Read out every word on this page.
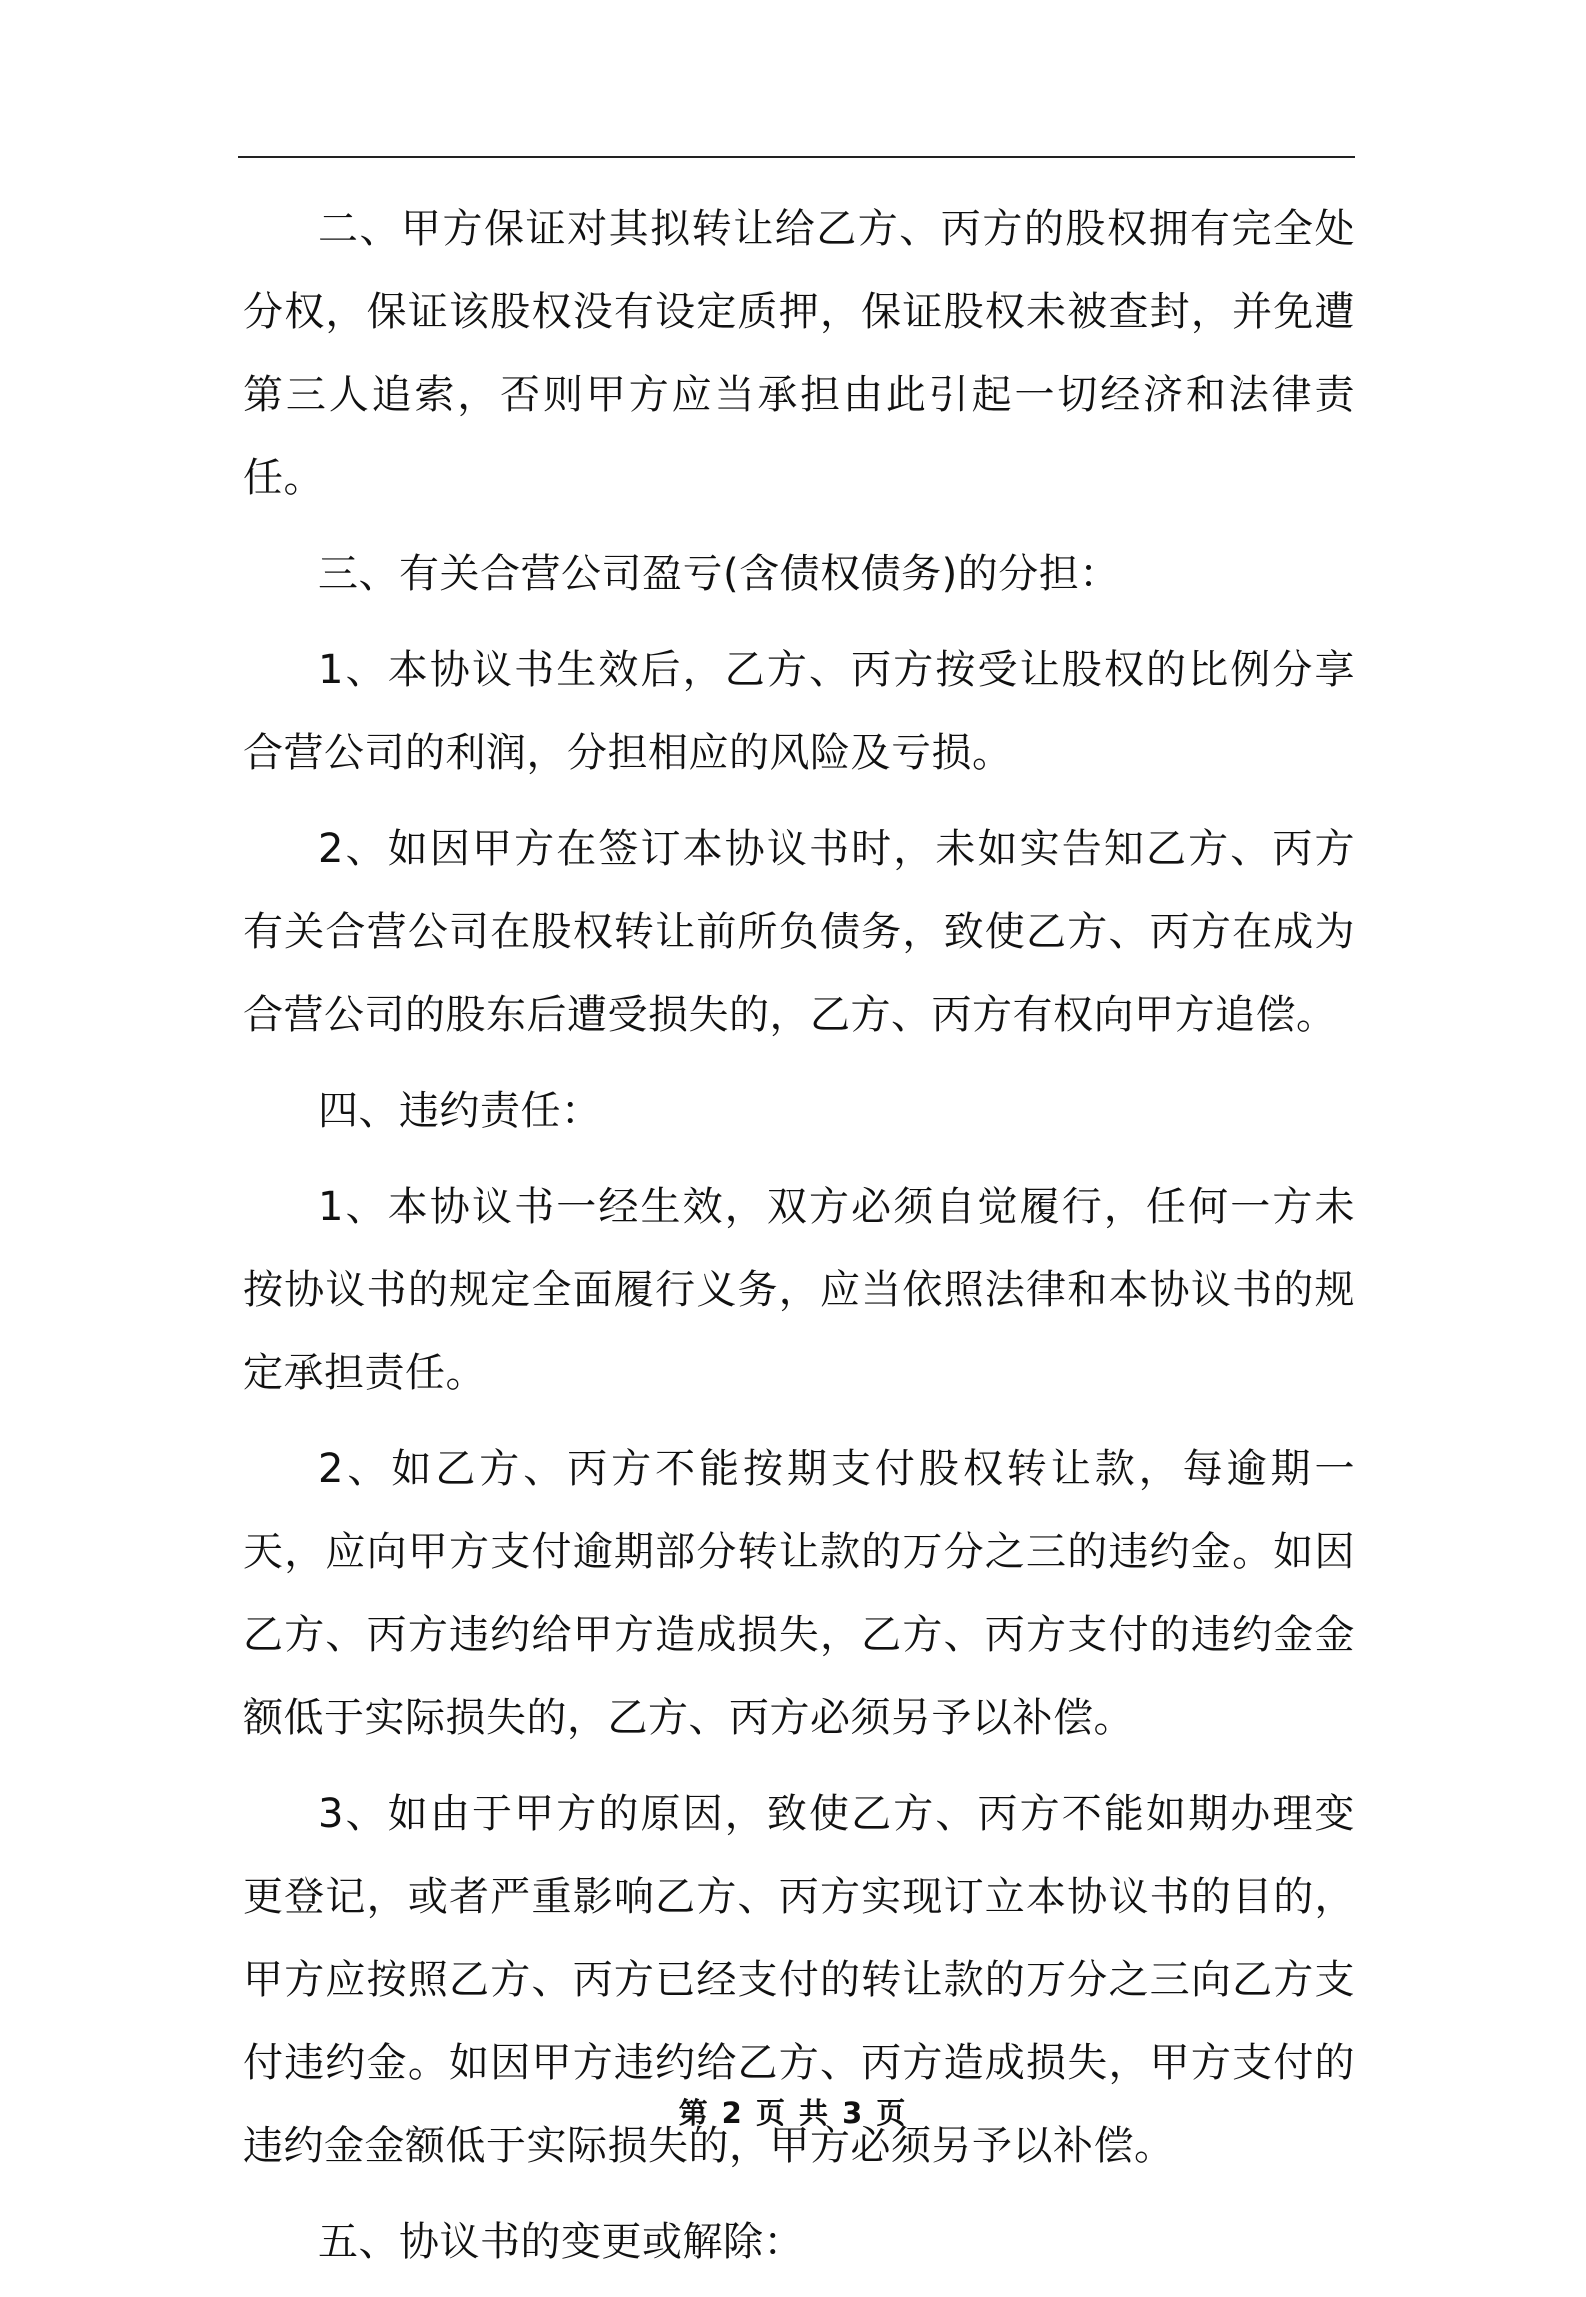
二、甲方保证对其拟转让给乙方、丙方的股权拥有完全处分权，保证该股权没有设定质押，保证股权未被查封，并免遭第三人追索，否则甲方应当承担由此引起一切经济和法律责任。

三、有关合营公司盈亏(含债权债务)的分担：

1、本协议书生效后，乙方、丙方按受让股权的比例分享合营公司的利润，分担相应的风险及亏损。

2、如因甲方在签订本协议书时，未如实告知乙方、丙方有关合营公司在股权转让前所负债务，致使乙方、丙方在成为合营公司的股东后遭受损失的，乙方、丙方有权向甲方追偿。

四、违约责任：

1、本协议书一经生效，双方必须自觉履行，任何一方未按协议书的规定全面履行义务，应当依照法律和本协议书的规定承担责任。

2、如乙方、丙方不能按期支付股权转让款，每逾期一天，应向甲方支付逾期部分转让款的万分之三的违约金。如因乙方、丙方违约给甲方造成损失，乙方、丙方支付的违约金金额低于实际损失的，乙方、丙方必须另予以补偿。

3、如由于甲方的原因，致使乙方、丙方不能如期办理变更登记，或者严重影响乙方、丙方实现订立本协议书的目的，甲方应按照乙方、丙方已经支付的转让款的万分之三向乙方支付违约金。如因甲方违约给乙方、丙方造成损失，甲方支付的违约金金额低于实际损失的，甲方必须另予以补偿。

五、协议书的变更或解除：

第 2 页 共 3 页
